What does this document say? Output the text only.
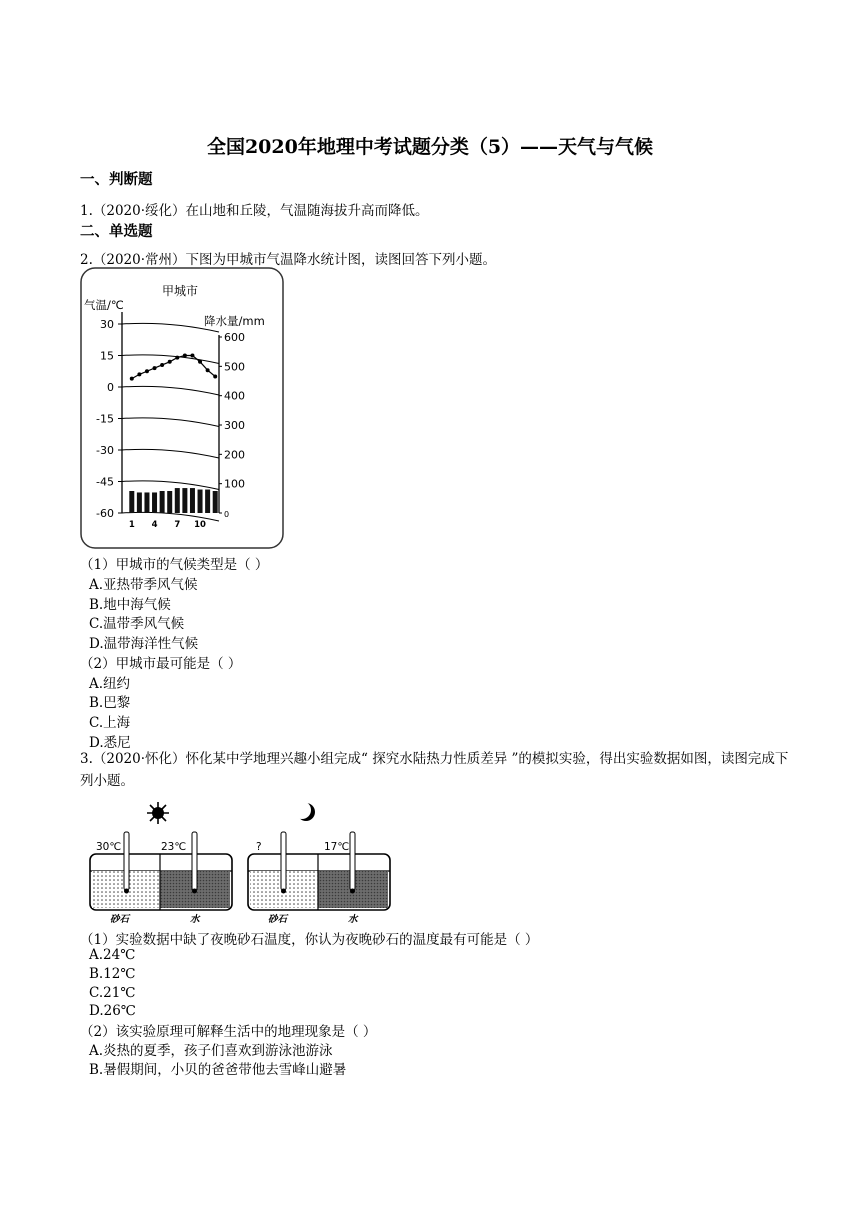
全国2020年地理中考试题分类（5）——天气与气候
一、判断题
1.（2020·绥化）在山地和丘陵，气温随海拔升高而降低。
二、单选题
2.（2020·常州）下图为甲城市气温降水统计图，读图回答下列小题。
甲城市
气温/℃
降水量/mm
30
15
0
-15
-30
-45
-60
600
500
400
300
200
100
0
1 4 7 10
（1）甲城市的气候类型是（ ）
A.亚热带季风气候
B.地中海气候
C.温带季风气候
D.温带海洋性气候
（2）甲城市最可能是（ ）
A.纽约
B.巴黎
C.上海
D.悉尼
3.（2020·怀化）怀化某中学地理兴趣小组完成“ 探究水陆热力性质差异 ”的模拟实验，得出实验数据如图，读图完成下列小题。
30℃	23℃	?	17℃
砂石	水	砂石	水
（1）实验数据中缺了夜晚砂石温度，你认为夜晚砂石的温度最有可能是（ ）
A.24℃
B.12℃
C.21℃
D.26℃
（2）该实验原理可解释生活中的地理现象是（ ）
A.炎热的夏季，孩子们喜欢到游泳池游泳
B.暑假期间，小贝的爸爸带他去雪峰山避暑
